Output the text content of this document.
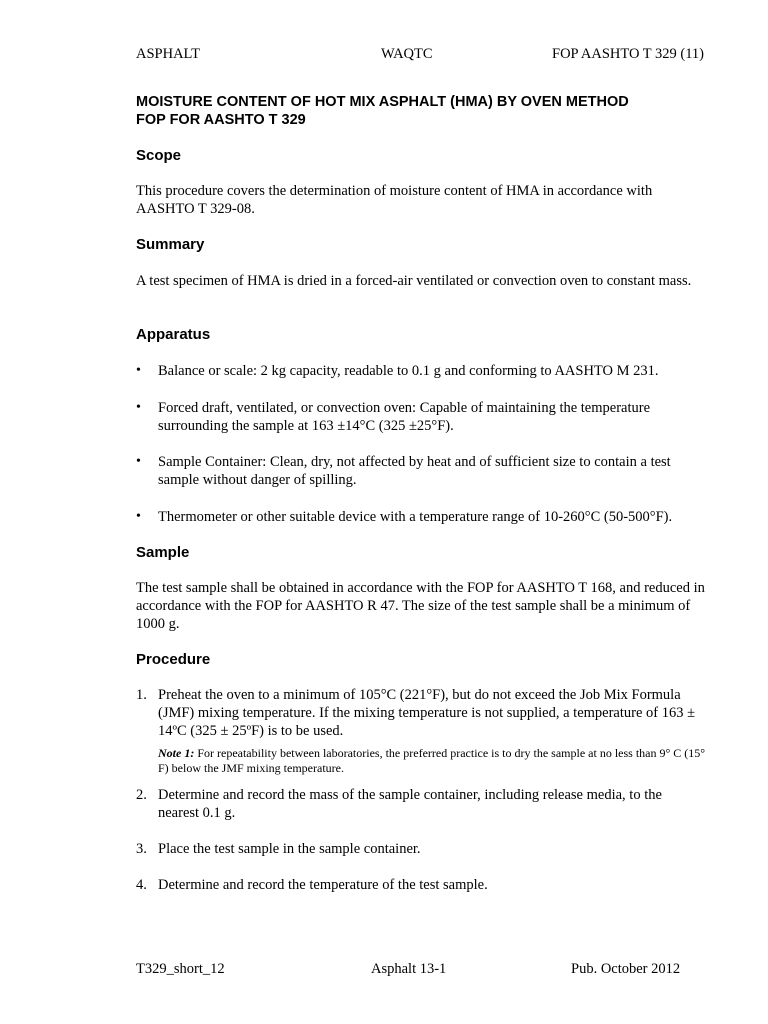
ASPHALT	WAQTC	FOP AASHTO T 329 (11)
MOISTURE CONTENT OF HOT MIX ASPHALT (HMA) BY OVEN METHOD
FOP FOR AASHTO T 329
Scope
This procedure covers the determination of moisture content of HMA in accordance with AASHTO T 329-08.
Summary
A test specimen of HMA is dried in a forced-air ventilated or convection oven to constant mass.
Apparatus
• Balance or scale: 2 kg capacity, readable to 0.1 g and conforming to AASHTO M 231.
• Forced draft, ventilated, or convection oven: Capable of maintaining the temperature surrounding the sample at 163 ±14°C (325 ±25°F).
• Sample Container: Clean, dry, not affected by heat and of sufficient size to contain a test sample without danger of spilling.
• Thermometer or other suitable device with a temperature range of 10-260°C (50-500°F).
Sample
The test sample shall be obtained in accordance with the FOP for AASHTO T 168, and reduced in accordance with the FOP for AASHTO R 47. The size of the test sample shall be a minimum of 1000 g.
Procedure
1. Preheat the oven to a minimum of 105°C (221°F), but do not exceed the Job Mix Formula (JMF) mixing temperature. If the mixing temperature is not supplied, a temperature of 163 ± 14ºC (325 ± 25ºF) is to be used.
Note 1: For repeatability between laboratories, the preferred practice is to dry the sample at no less than 9° C (15° F) below the JMF mixing temperature.
2. Determine and record the mass of the sample container, including release media, to the nearest 0.1 g.
3. Place the test sample in the sample container.
4. Determine and record the temperature of the test sample.
T329_short_12	Asphalt 13-1	Pub. October 2012
